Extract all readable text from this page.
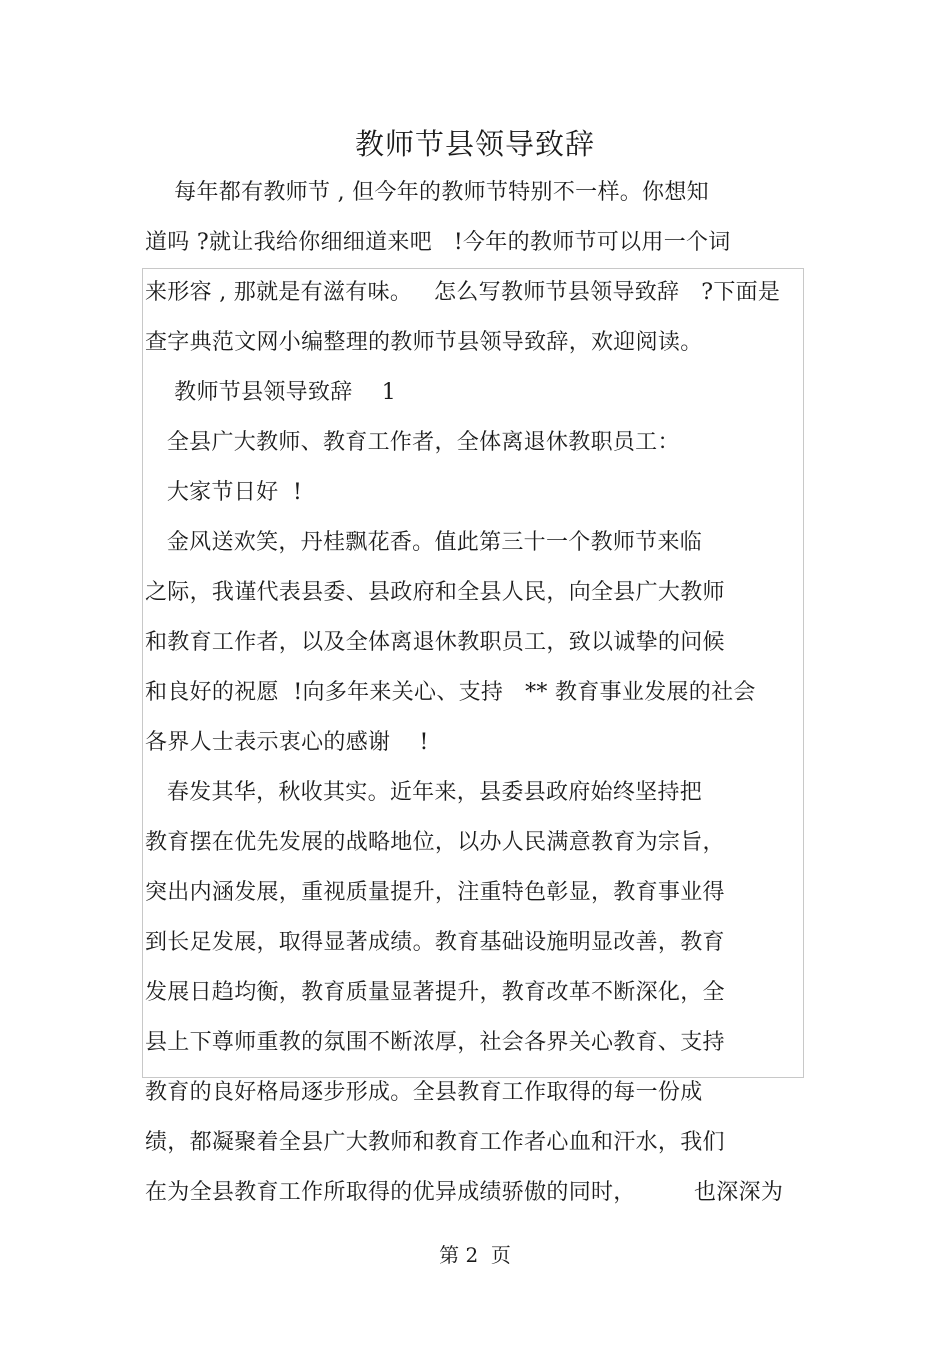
教师节县领导致辞
每年都有教师节 , 但今年的教师节特别不一样。你想知
道吗 ?就让我给你细细道来吧   !今年的教师节可以用一个词
来形容 , 那就是有滋有味。   怎么写教师节县领导致辞   ?下面是
查字典范文网小编整理的教师节县领导致辞，欢迎阅读。
教师节县领导致辞    1
全县广大教师、教育工作者，全体离退休教职员工：
大家节日好  !
金风送欢笑，丹桂飘花香。值此第三十一个教师节来临
之际，我谨代表县委、县政府和全县人民，向全县广大教师
和教育工作者，以及全体离退休教职员工，致以诚挚的问候
和良好的祝愿  !向多年来关心、支持   ** 教育事业发展的社会
各界人士表示衷心的感谢    !
春发其华，秋收其实。近年来，县委县政府始终坚持把
教育摆在优先发展的战略地位，以办人民满意教育为宗旨，
突出内涵发展，重视质量提升，注重特色彰显，教育事业得
到长足发展，取得显著成绩。教育基础设施明显改善，教育
发展日趋均衡，教育质量显著提升，教育改革不断深化，全
县上下尊师重教的氛围不断浓厚，社会各界关心教育、支持
教育的良好格局逐步形成。全县教育工作取得的每一份成
绩，都凝聚着全县广大教师和教育工作者心血和汗水，我们
在为全县教育工作所取得的优异成绩骄傲的同时，        也深深为
第 2  页
